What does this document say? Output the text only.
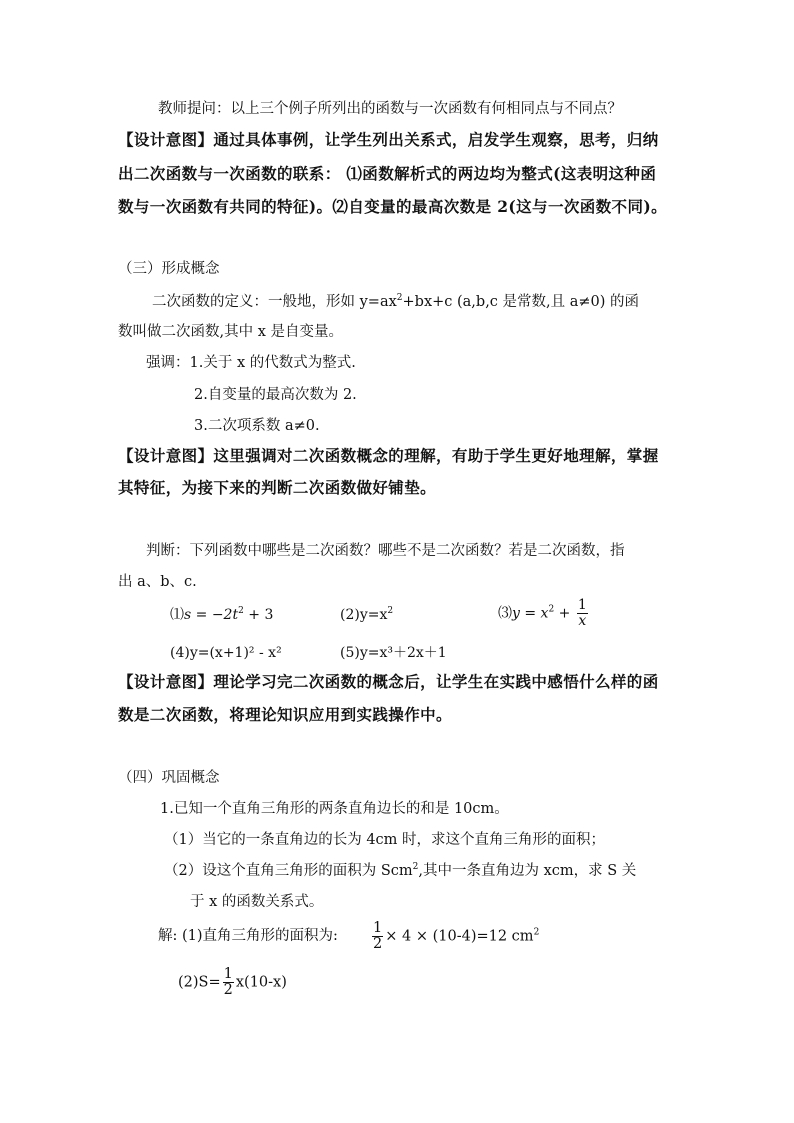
教师提问：以上三个例子所列出的函数与一次函数有何相同点与不同点？
【设计意图】通过具体事例，让学生列出关系式，启发学生观察，思考，归纳
出二次函数与一次函数的联系： ⑴函数解析式的两边均为整式(这表明这种函
数与一次函数有共同的特征)。⑵自变量的最高次数是 2(这与一次函数不同)。
（三）形成概念
二次函数的定义：一般地，形如 $y=ax^2+bx+c$ (a,b,c 是常数,且 a≠0) 的函
数叫做二次函数,其中 x 是自变量。
强调：1.关于 x 的代数式为整式.
2.自变量的最高次数为 2.
3.二次项系数 a≠0.
【设计意图】这里强调对二次函数概念的理解，有助于学生更好地理解，掌握
其特征，为接下来的判断二次函数做好铺垫。
判断：下列函数中哪些是二次函数？哪些不是二次函数？若是二次函数，指
出 a、b、c.
⑴s = $-2t^2 + 3$	$(2)y=x^2$	⑶y = $x^2 + \frac{1}{x}$
(4)y=(x+1)² - x²	(5)y=x³＋2x＋1
【设计意图】理论学习完二次函数的概念后，让学生在实践中感悟什么样的函
数是二次函数，将理论知识应用到实践操作中。
（四）巩固概念
1.已知一个直角三角形的两条直角边长的和是 10cm。
（1）当它的一条直角边的长为 4cm 时，求这个直角三角形的面积；
（2）设这个直角三角形的面积为 Scm$^2$,其中一条直角边为 xcm，求 S 关
于 x 的函数关系式。
解: (1)直角三角形的面积为: $\frac{1}{2} \times 4 \times (10-4)=12$ $cm^2$
$(2)S= \frac{1}{2} x(10-x)$
